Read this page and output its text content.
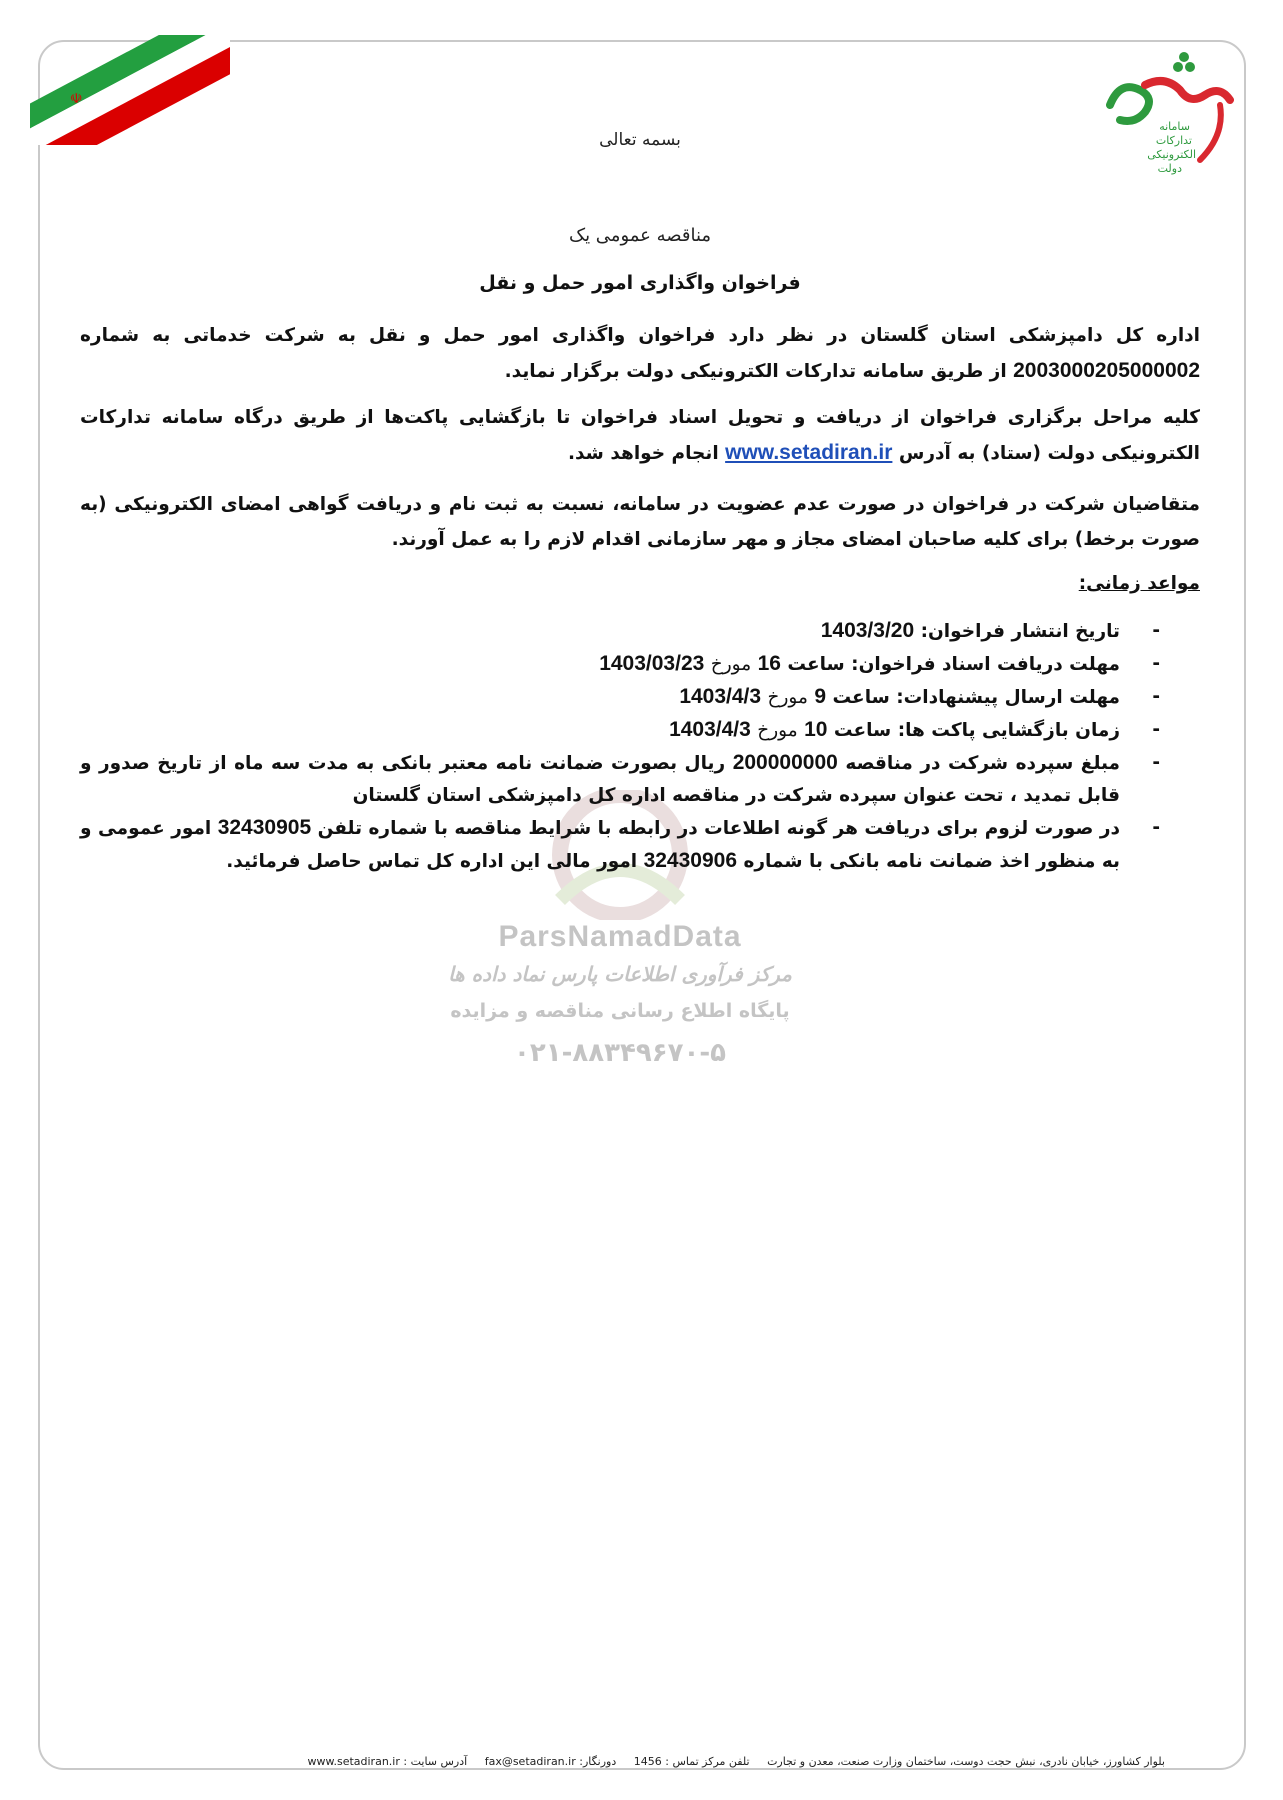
☫
سامانه
تدارکات
الکترونیکی
دولت
ParsNamadData
مرکز فرآوری اطلاعات پارس نماد داده ها
پایگاه اطلاع رسانی مناقصه و مزایده
۰۲۱-۸۸۳۴۹۶۷۰-۵
بسمه تعالی
مناقصه عمومی یک
فراخوان واگذاری امور حمل و نقل
اداره کل دامپزشکی استان گلستان در نظر دارد فراخوان واگذاری امور حمل و نقل به شرکت خدماتی به شماره 2003000205000002 از طریق سامانه تدارکات الکترونیکی دولت برگزار نماید.
کلیه مراحل برگزاری فراخوان از دریافت و تحویل اسناد فراخوان تا بازگشایی پاکت‌ها از طریق درگاه سامانه تدارکات الکترونیکی دولت (ستاد) به آدرس www.setadiran.ir انجام خواهد شد.
متقاضیان شرکت در فراخوان در صورت عدم عضویت در سامانه، نسبت به ثبت نام و دریافت گواهی امضای الکترونیکی (به صورت برخط) برای کلیه صاحبان امضای مجاز و مهر سازمانی اقدام لازم را به عمل آورند.
مواعد زمانی:
-
تاریخ انتشار فراخوان: 1403/3/20
-
مهلت دریافت اسناد فراخوان: ساعت 16 مورخ 1403/03/23
-
مهلت ارسال پیشنهادات: ساعت 9 مورخ 1403/4/3
-
زمان بازگشایی پاکت ها: ساعت 10 مورخ 1403/4/3
-
مبلغ سپرده شرکت در مناقصه 200000000 ریال بصورت ضمانت نامه معتبر بانکی به مدت سه ماه از تاریخ صدور و قابل تمدید ، تحت عنوان سپرده شرکت در مناقصه اداره کل دامپزشکی استان گلستان
-
در صورت لزوم برای دریافت هر گونه اطلاعات در رابطه با شرایط مناقصه با شماره تلفن 32430905 امور عمومی و به منظور اخذ ضمانت نامه بانکی با شماره 32430906 امور مالی این اداره کل تماس حاصل فرمائید.
بلوار کشاورز، خیابان نادری، نبش حجت دوست، ساختمان وزارت صنعت، معدن و تجارت تلفن مرکز تماس : 1456 دورنگار: fax@setadiran.ir آدرس سایت : www.setadiran.ir
